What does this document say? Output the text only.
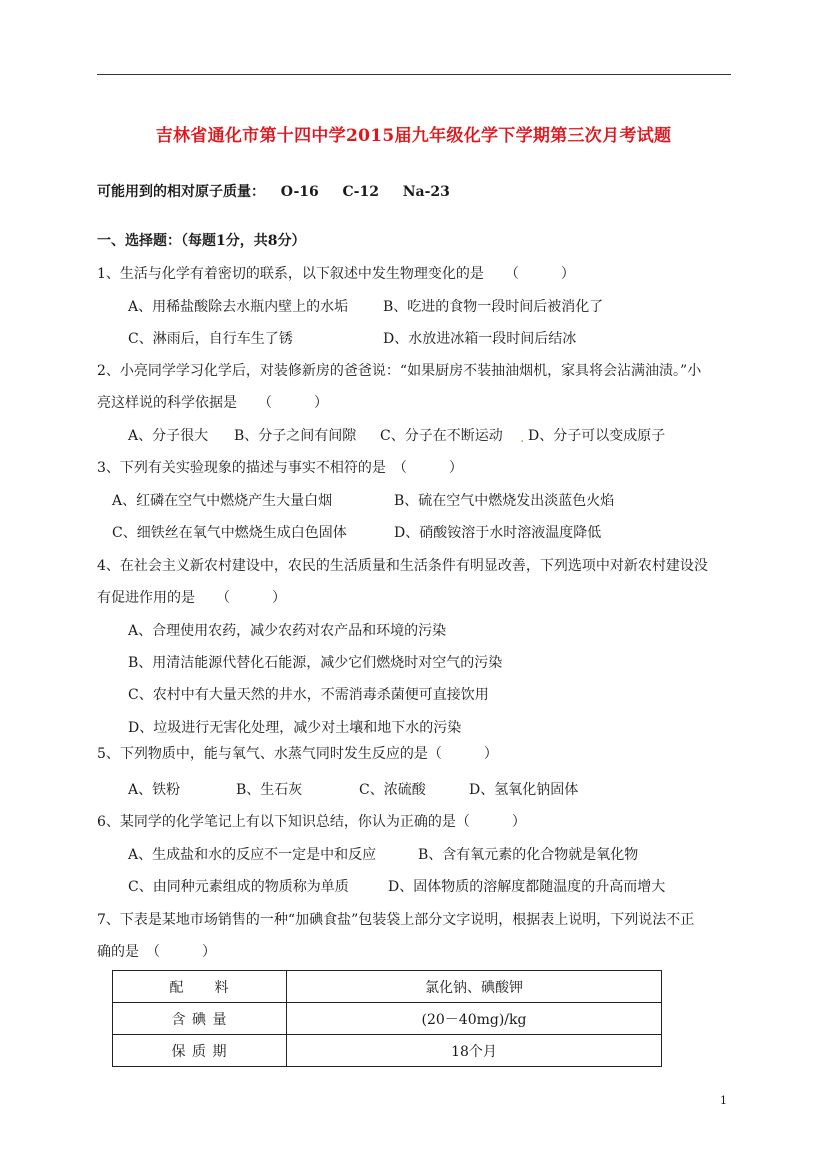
吉林省通化市第十四中学2015届九年级化学下学期第三次月考试题
可能用到的相对原子质量： O-16 C-12 Na-23
一、选择题：（每题1分，共8分）
1、生活与化学有着密切的联系，以下叙述中发生物理变化的是　　（　　　）
A、用稀盐酸除去水瓶内壁上的水垢 B、吃进的食物一段时间后被消化了
C、淋雨后，自行车生了锈	D、水放进冰箱一段时间后结冰
2、小亮同学学习化学后，对装修新房的爸爸说：“如果厨房不装抽油烟机，家具将会沾满油渍。”小
亮这样说的科学依据是　　（　　　）
A、分子很大 B、分子之间有间隙 C、分子在不断运动 . D、分子可以变成原子
3、下列有关实验现象的描述与事实不相符的是　（　　　）
A、红磷在空气中燃烧产生大量白烟	B、硫在空气中燃烧发出淡蓝色火焰
C、细铁丝在氧气中燃烧生成白色固体	D、硝酸铵溶于水时溶液温度降低
4、在社会主义新农村建设中，农民的生活质量和生活条件有明显改善，下列选项中对新农村建设没
有促进作用的是　　（　　　）
A、合理使用农药，减少农药对农产品和环境的污染
B、用清洁能源代替化石能源，减少它们燃烧时对空气的污染
C、农村中有大量天然的井水，不需消毒杀菌便可直接饮用
D、垃圾进行无害化处理，减少对土壤和地下水的污染
5、下列物质中，能与氧气、水蒸气同时发生反应的是（　　　）
A、铁粉	B、生石灰	C、浓硫酸	D、氢氧化钠固体
6、某同学的化学笔记上有以下知识总结，你认为正确的是（　　　）
A、生成盐和水的反应不一定是中和反应	B、含有氧元素的化合物就是氧化物
C、由同种元素组成的物质称为单质	D、固体物质的溶解度都随温度的升高而增大
7、下表是某地市场销售的一种“加碘食盐”包装袋上部分文字说明，根据表上说明，下列说法不正
确的是　（　　　）
配　　料	氯化钠、碘酸钾
含 碘 量	(20－40mg)/kg
保 质 期	18个月
1
